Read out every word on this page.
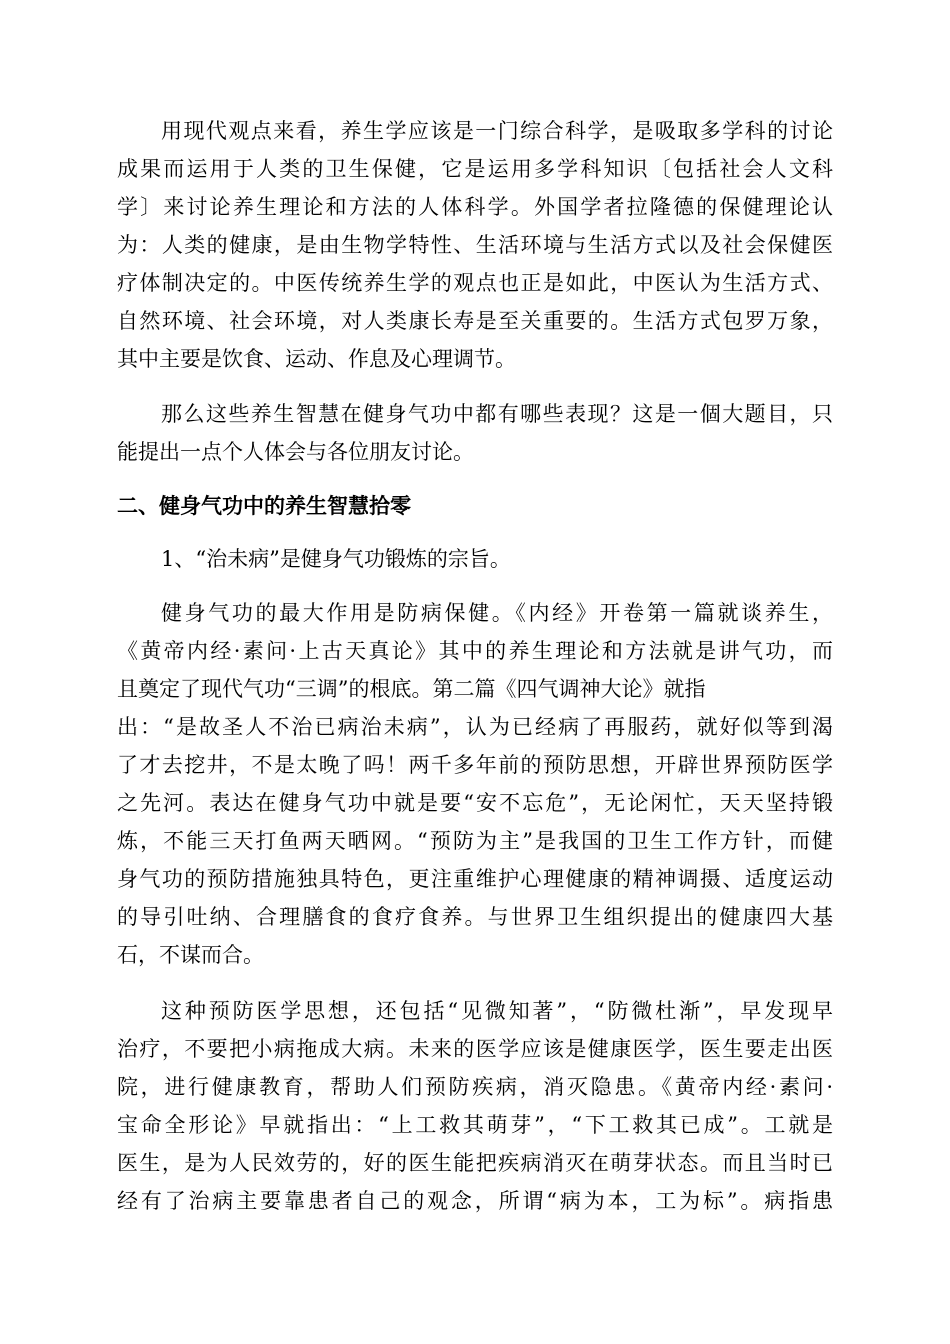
用现代观点来看，养生学应该是一门综合科学，是吸取多学科的讨论
成果而运用于人类的卫生保健，它是运用多学科知识〔包括社会人文科
学〕来讨论养生理论和方法的人体科学。外国学者拉隆德的保健理论认
为：人类的健康，是由生物学特性、生活环境与生活方式以及社会保健医
疗体制决定的。中医传统养生学的观点也正是如此，中医认为生活方式、
自然环境、社会环境，对人类康长寿是至关重要的。生活方式包罗万象，
其中主要是饮食、运动、作息及心理调节。
那么这些养生智慧在健身气功中都有哪些表现？这是一個大题目，只
能提出一点个人体会与各位朋友讨论。
二、健身气功中的养生智慧拾零
1、“治未病”是健身气功锻炼的宗旨。
健身气功的最大作用是防病保健。《内经》开卷第一篇就谈养生，
《黄帝内经·素问·上古天真论》其中的养生理论和方法就是讲气功，而
且奠定了现代气功“三调”的根底。第二篇《四气调神大论》就指
出：“是故圣人不治已病治未病”，认为已经病了再服药，就好似等到渴
了才去挖井，不是太晚了吗！两千多年前的预防思想，开辟世界预防医学
之先河。表达在健身气功中就是要“安不忘危”，无论闲忙，天天坚持锻
炼，不能三天打鱼两天晒网。“预防为主”是我国的卫生工作方针，而健
身气功的预防措施独具特色，更注重维护心理健康的精神调摄、适度运动
的导引吐纳、合理膳食的食疗食养。与世界卫生组织提出的健康四大基
石，不谋而合。
这种预防医学思想，还包括“见微知著”，“防微杜渐”，早发现早
治疗，不要把小病拖成大病。未来的医学应该是健康医学，医生要走出医
院，进行健康教育，帮助人们预防疾病，消灭隐患。《黄帝内经·素问·
宝命全形论》早就指出：“上工救其萌芽”，“下工救其已成”。工就是
医生，是为人民效劳的，好的医生能把疾病消灭在萌芽状态。而且当时已
经有了治病主要靠患者自己的观念，所谓“病为本，工为标”。病指患
